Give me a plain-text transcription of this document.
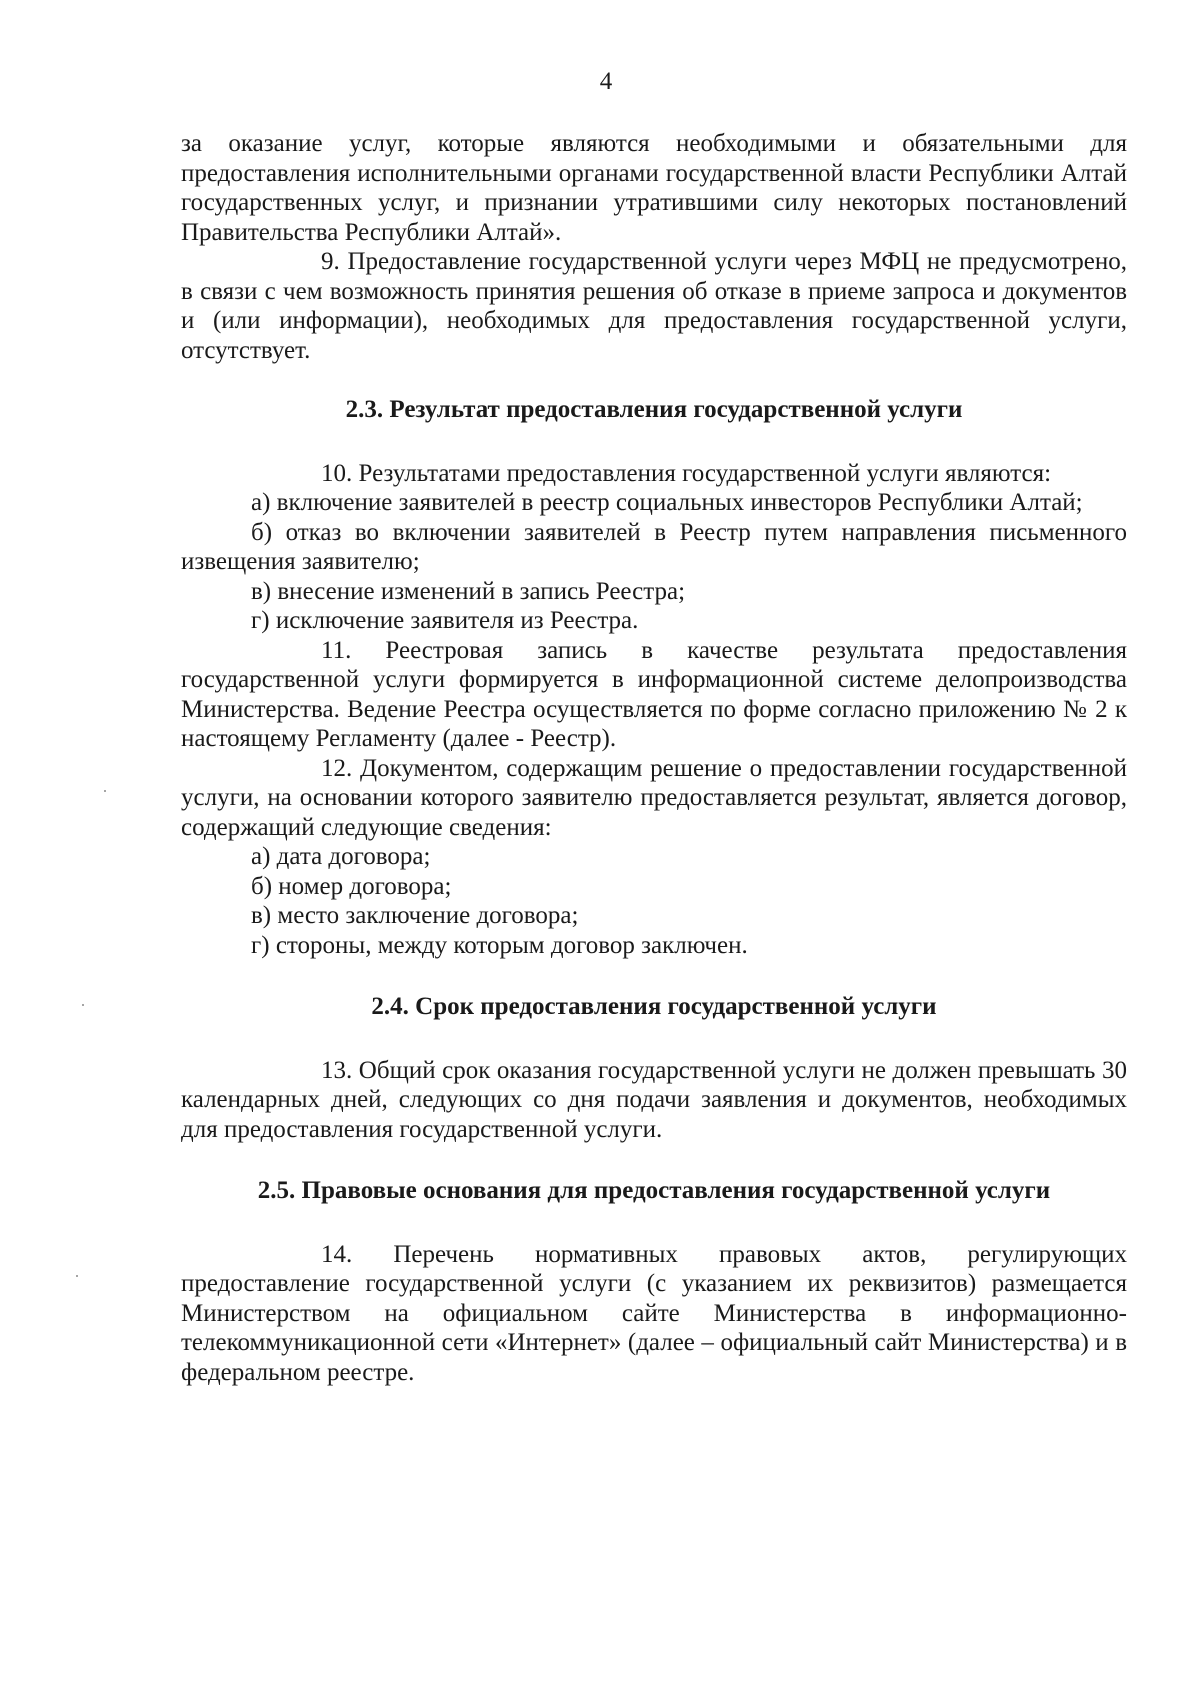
4

за оказание услуг, которые являются необходимыми и обязательными для предоставления исполнительными органами государственной власти Республики Алтай государственных услуг, и признании утратившими силу некоторых постановлений Правительства Республики Алтай».

9. Предоставление государственной услуги через МФЦ не предусмотрено, в связи с чем возможность принятия решения об отказе в приеме запроса и документов и (или информации), необходимых для предоставления государственной услуги, отсутствует.

2.3. Результат предоставления государственной услуги

10. Результатами предоставления государственной услуги являются:

а) включение заявителей в реестр социальных инвесторов Республики Алтай;

б) отказ во включении заявителей в Реестр путем направления письменного извещения заявителю;

в) внесение изменений в запись Реестра;

г) исключение заявителя из Реестра.

11. Реестровая запись в качестве результата предоставления государственной услуги формируется в информационной системе делопроизводства Министерства. Ведение Реестра осуществляется по форме согласно приложению № 2 к настоящему Регламенту (далее - Реестр).

12. Документом, содержащим решение о предоставлении государственной услуги, на основании которого заявителю предоставляется результат, является договор, содержащий следующие сведения:

а) дата договора;

б) номер договора;

в) место заключение договора;

г) стороны, между которым договор заключен.

2.4. Срок предоставления государственной услуги

13. Общий срок оказания государственной услуги не должен превышать 30 календарных дней, следующих со дня подачи заявления и документов, необходимых для предоставления государственной услуги.

2.5. Правовые основания для предоставления государственной услуги

14. Перечень нормативных правовых актов, регулирующих предоставление государственной услуги (с указанием их реквизитов) размещается Министерством на официальном сайте Министерства в информационно-телекоммуникационной сети «Интернет» (далее – официальный сайт Министерства) и в федеральном реестре.
